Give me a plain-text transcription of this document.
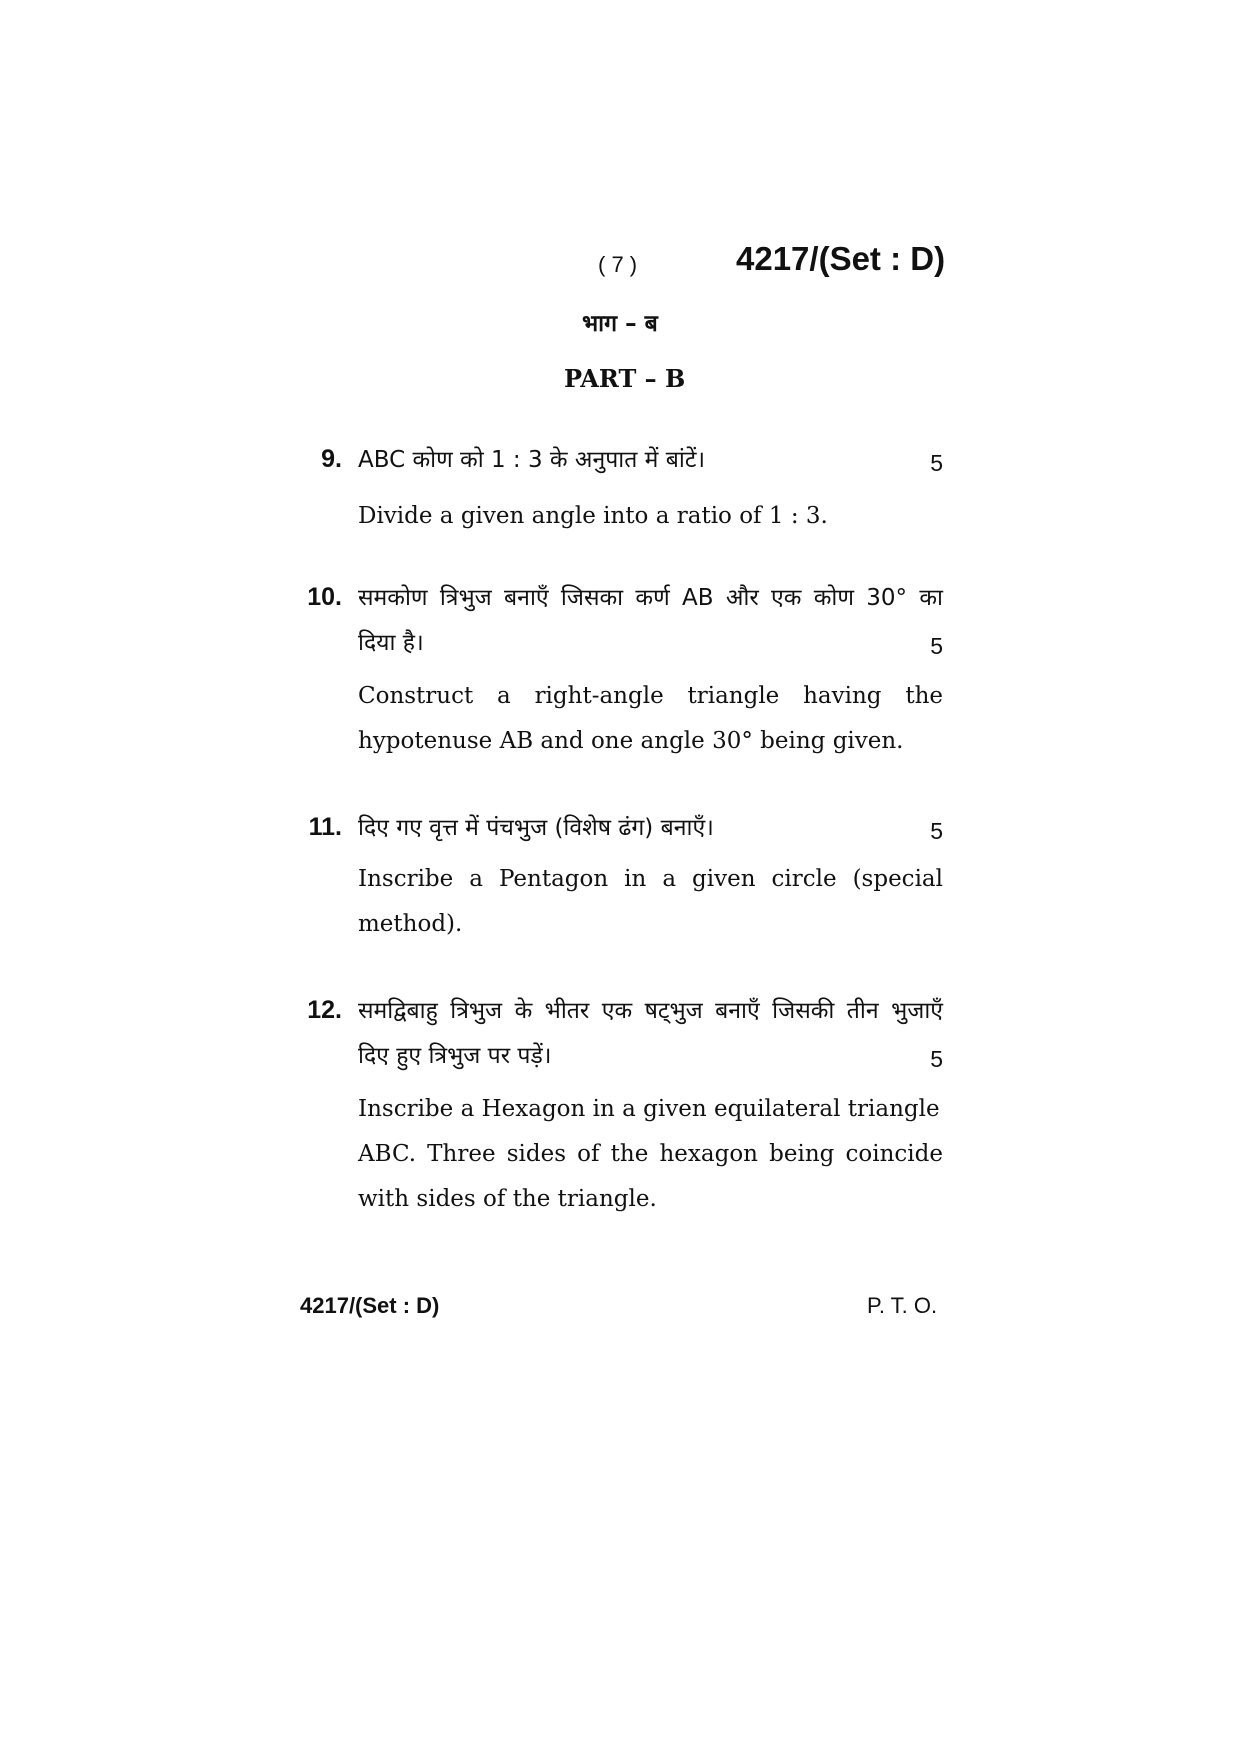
( 7 )	4217/(Set : D)
भाग – ब
PART – B
9. ABC कोण को 1 : 3 के अनुपात में बांटें।	5
Divide a given angle into a ratio of 1 : 3.
10. समकोण त्रिभुज बनाएँ जिसका कर्ण AB और एक कोण 30° का
दिया है।	5
Construct a right-angle triangle having the
hypotenuse AB and one angle 30° being given.
11. दिए गए वृत्त में पंचभुज (विशेष ढंग) बनाएँ।	5
Inscribe a Pentagon in a given circle (special
method).
12. समद्विबाहु त्रिभुज के भीतर एक षट्भुज बनाएँ जिसकी तीन भुजाएँ
दिए हुए त्रिभुज पर पड़ें।	5
Inscribe a Hexagon in a given equilateral triangle
ABC. Three sides of the hexagon being coincide
with sides of the triangle.
4217/(Set : D)	P. T. O.
